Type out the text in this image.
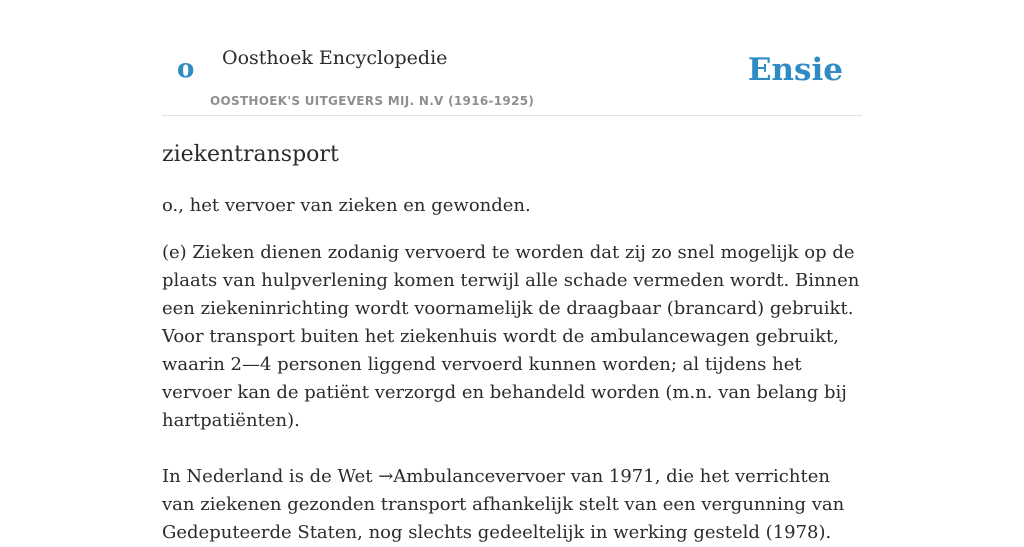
o Oosthoek Encyclopedie
OOSTHOEK'S UITGEVERS MIJ. N.V (1916-1925)
Ensie
ziekentransport

o., het vervoer van zieken en gewonden.

(e) Zieken dienen zodanig vervoerd te worden dat zij zo snel mogelijk op de plaats van hulpverlening komen terwijl alle schade vermeden wordt. Binnen een ziekeninrichting wordt voornamelijk de draagbaar (brancard) gebruikt. Voor transport buiten het ziekenhuis wordt de ambulancewagen gebruikt, waarin 2—4 personen liggend vervoerd kunnen worden; al tijdens het vervoer kan de patiënt verzorgd en behandeld worden (m.n. van belang bij hartpatiënten).

In Nederland is de Wet →Ambulancevervoer van 1971, die het verrichten van ziekenen gezonden transport afhankelijk stelt van een vergunning van Gedeputeerde Staten, nog slechts gedeeltelijk in werking gesteld (1978).
